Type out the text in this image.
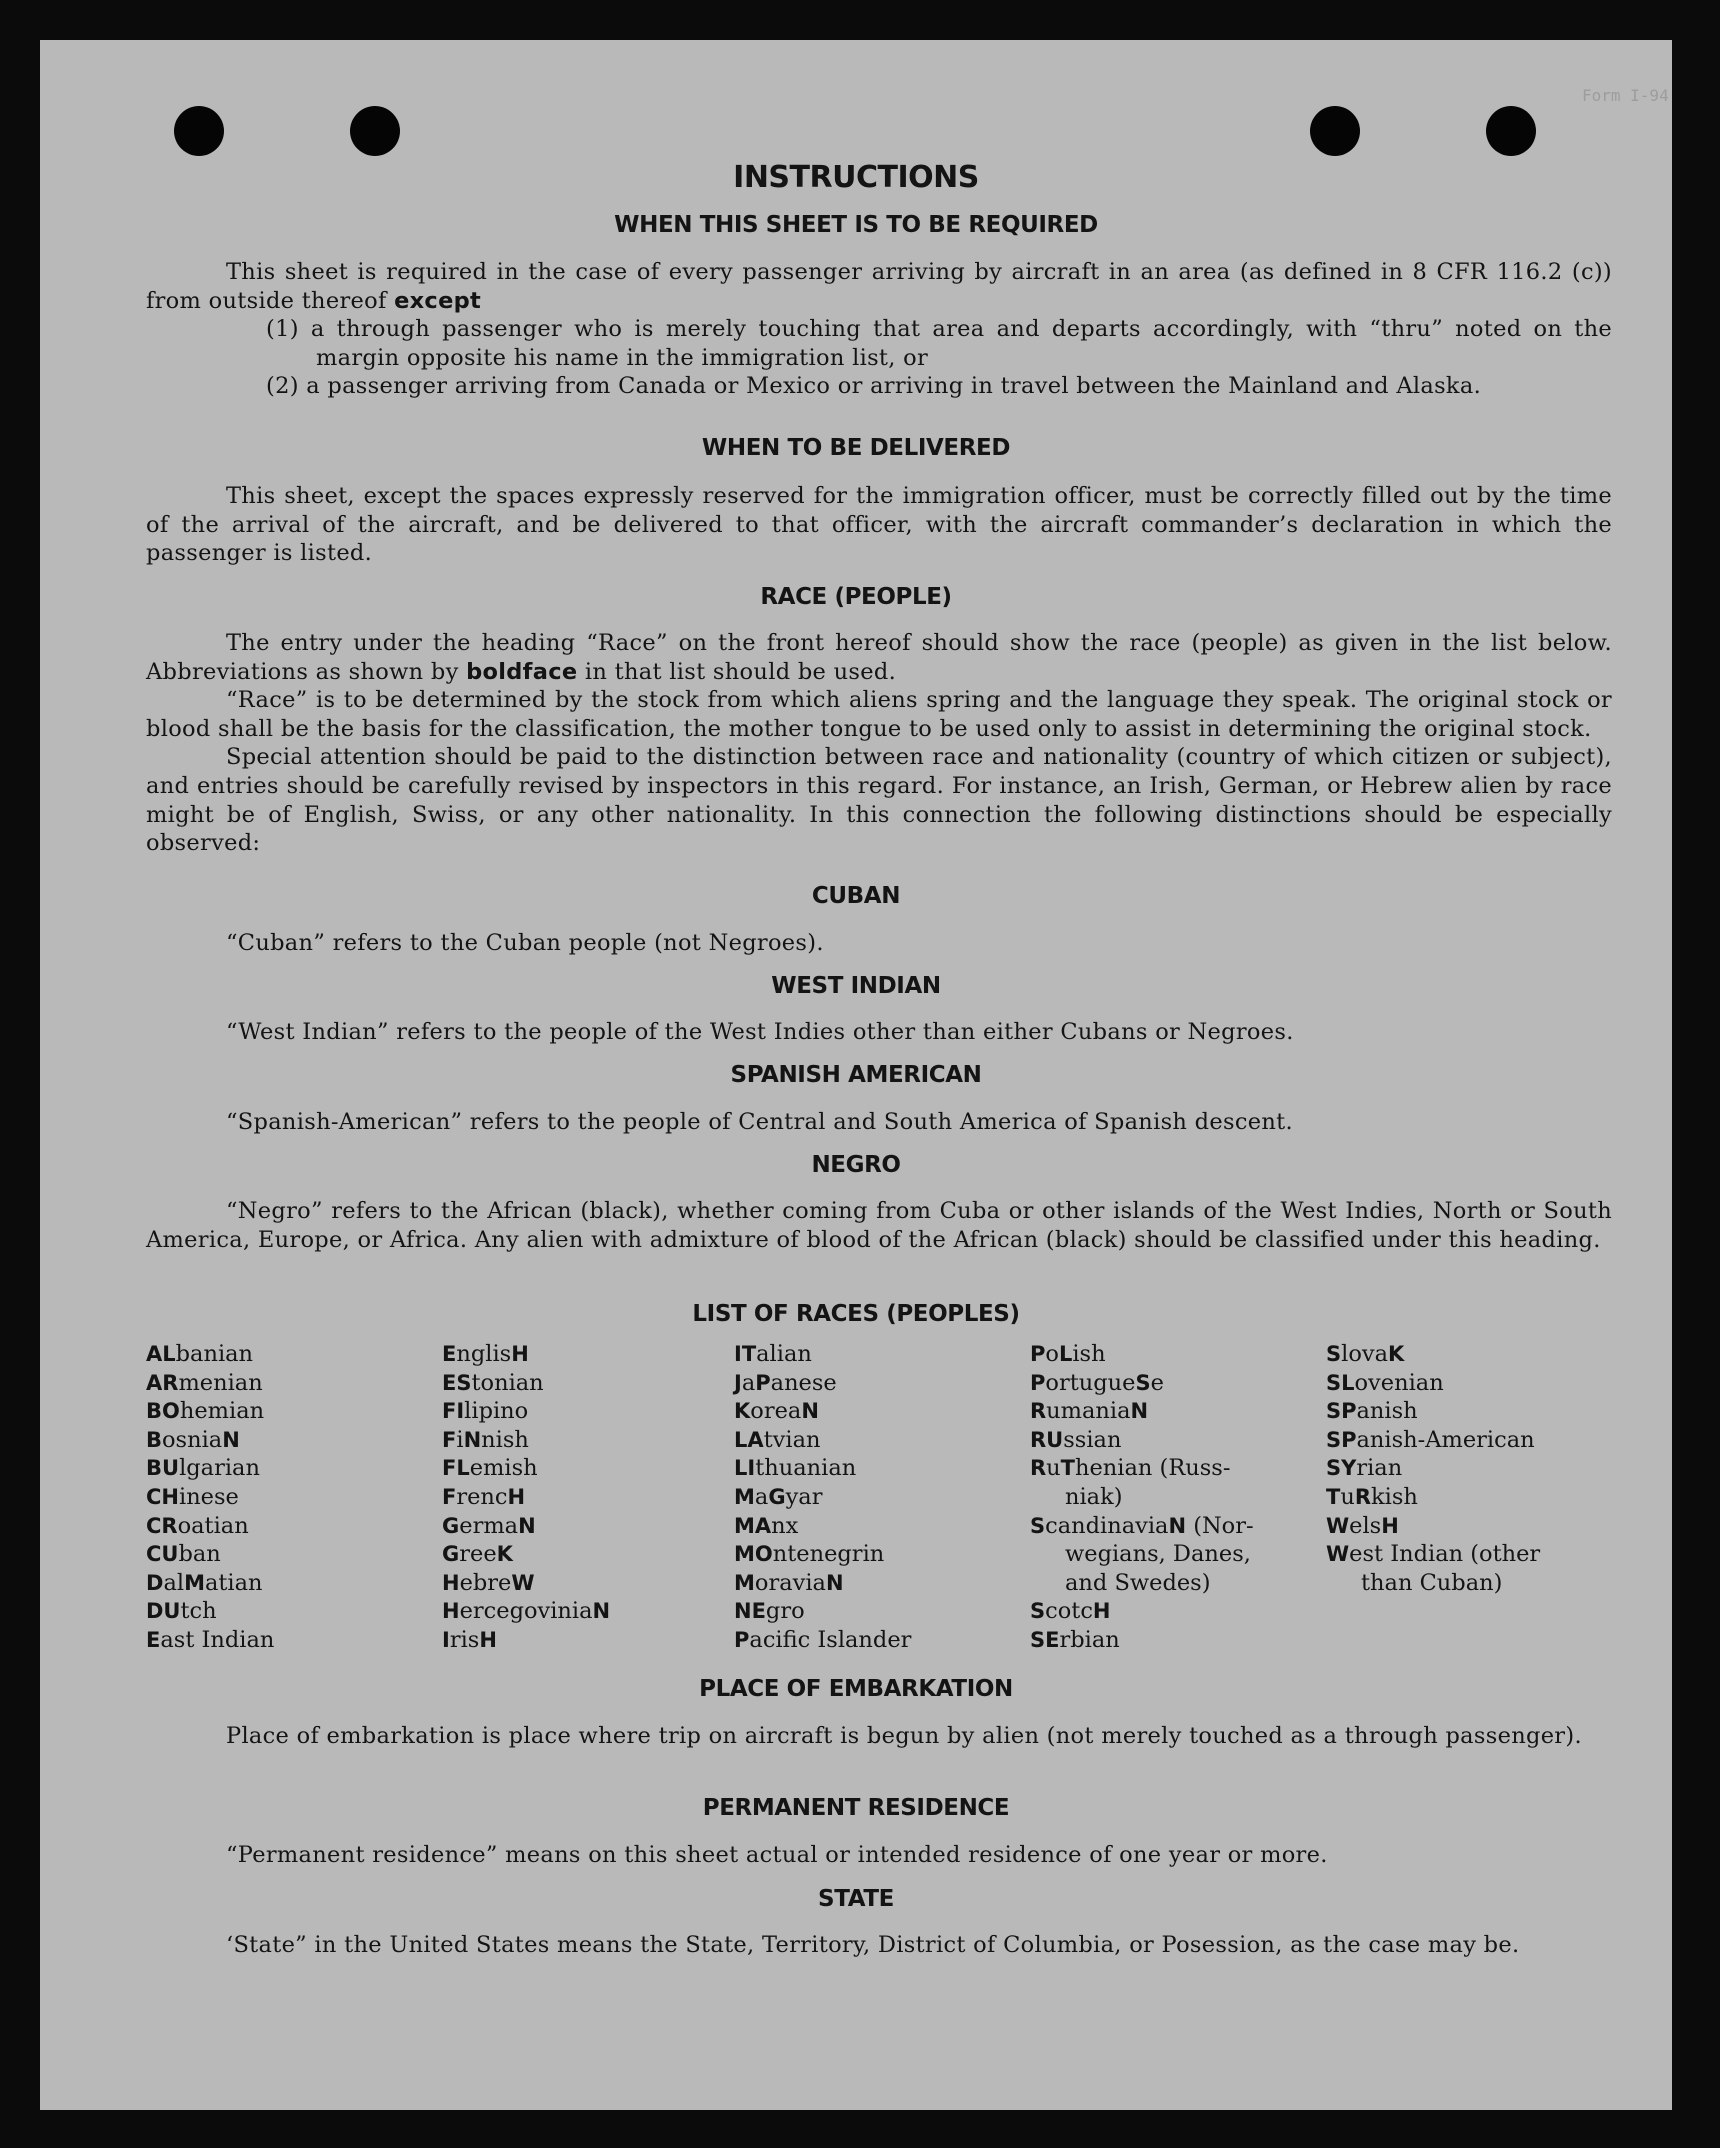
Form I-94
INSTRUCTIONS
WHEN THIS SHEET IS TO BE REQUIRED
This sheet is required in the case of every passenger arriving by aircraft in an area (as defined in 8 CFR 116.2 (c)) from outside thereof except
(1) a through passenger who is merely touching that area and departs accordingly, with “thru” noted on the margin opposite his name in the immigration list, or
(2) a passenger arriving from Canada or Mexico or arriving in travel between the Mainland and Alaska.
WHEN TO BE DELIVERED
This sheet, except the spaces expressly reserved for the immigration officer, must be correctly filled out by the time of the arrival of the aircraft, and be delivered to that officer, with the aircraft commander’s declaration in which the passenger is listed.
RACE (PEOPLE)
The entry under the heading “Race” on the front hereof should show the race (people) as given in the list below. Abbreviations as shown by boldface in that list should be used.
“Race” is to be determined by the stock from which aliens spring and the language they speak. The original stock or blood shall be the basis for the classification, the mother tongue to be used only to assist in determining the original stock.
Special attention should be paid to the distinction between race and nationality (country of which citizen or subject), and entries should be carefully revised by inspectors in this regard. For instance, an Irish, German, or Hebrew alien by race might be of English, Swiss, or any other nationality. In this connection the following distinctions should be especially observed:
CUBAN
“Cuban” refers to the Cuban people (not Negroes).
WEST INDIAN
“West Indian” refers to the people of the West Indies other than either Cubans or Negroes.
SPANISH AMERICAN
“Spanish-American” refers to the people of Central and South America of Spanish descent.
NEGRO
“Negro” refers to the African (black), whether coming from Cuba or other islands of the West Indies, North or South America, Europe, or Africa. Any alien with admixture of blood of the African (black) should be classified under this heading.
LIST OF RACES (PEOPLES)
ALbanian
ARmenian
BOhemian
BosniaN
BUlgarian
CHinese
CRoatian
CUban
DalMatian
DUtch
East Indian
EnglisH
EStonian
FIlipino
FiNnish
FLemish
FrencH
GermaN
GreeK
HebreW
HercegoviniaN
IrisH
ITalian
JaPanese
KoreaN
LAtvian
LIthuanian
MaGyar
MAnx
MOntenegrin
MoraviaN
NEgro
Pacific Islander
PoLish
PortugueSe
RumaniaN
RUssian
RuThenian (Russ-
niak)
ScandinaviaN (Nor-
wegians, Danes,
and Swedes)
ScotcH
SErbian
SlovaK
SLovenian
SPanish
SPanish-American
SYrian
TuRkish
WelsH
West Indian (other
than Cuban)
PLACE OF EMBARKATION
Place of embarkation is place where trip on aircraft is begun by alien (not merely touched as a through passenger).
PERMANENT RESIDENCE
“Permanent residence” means on this sheet actual or intended residence of one year or more.
STATE
‘State” in the United States means the State, Territory, District of Columbia, or Posession, as the case may be.
